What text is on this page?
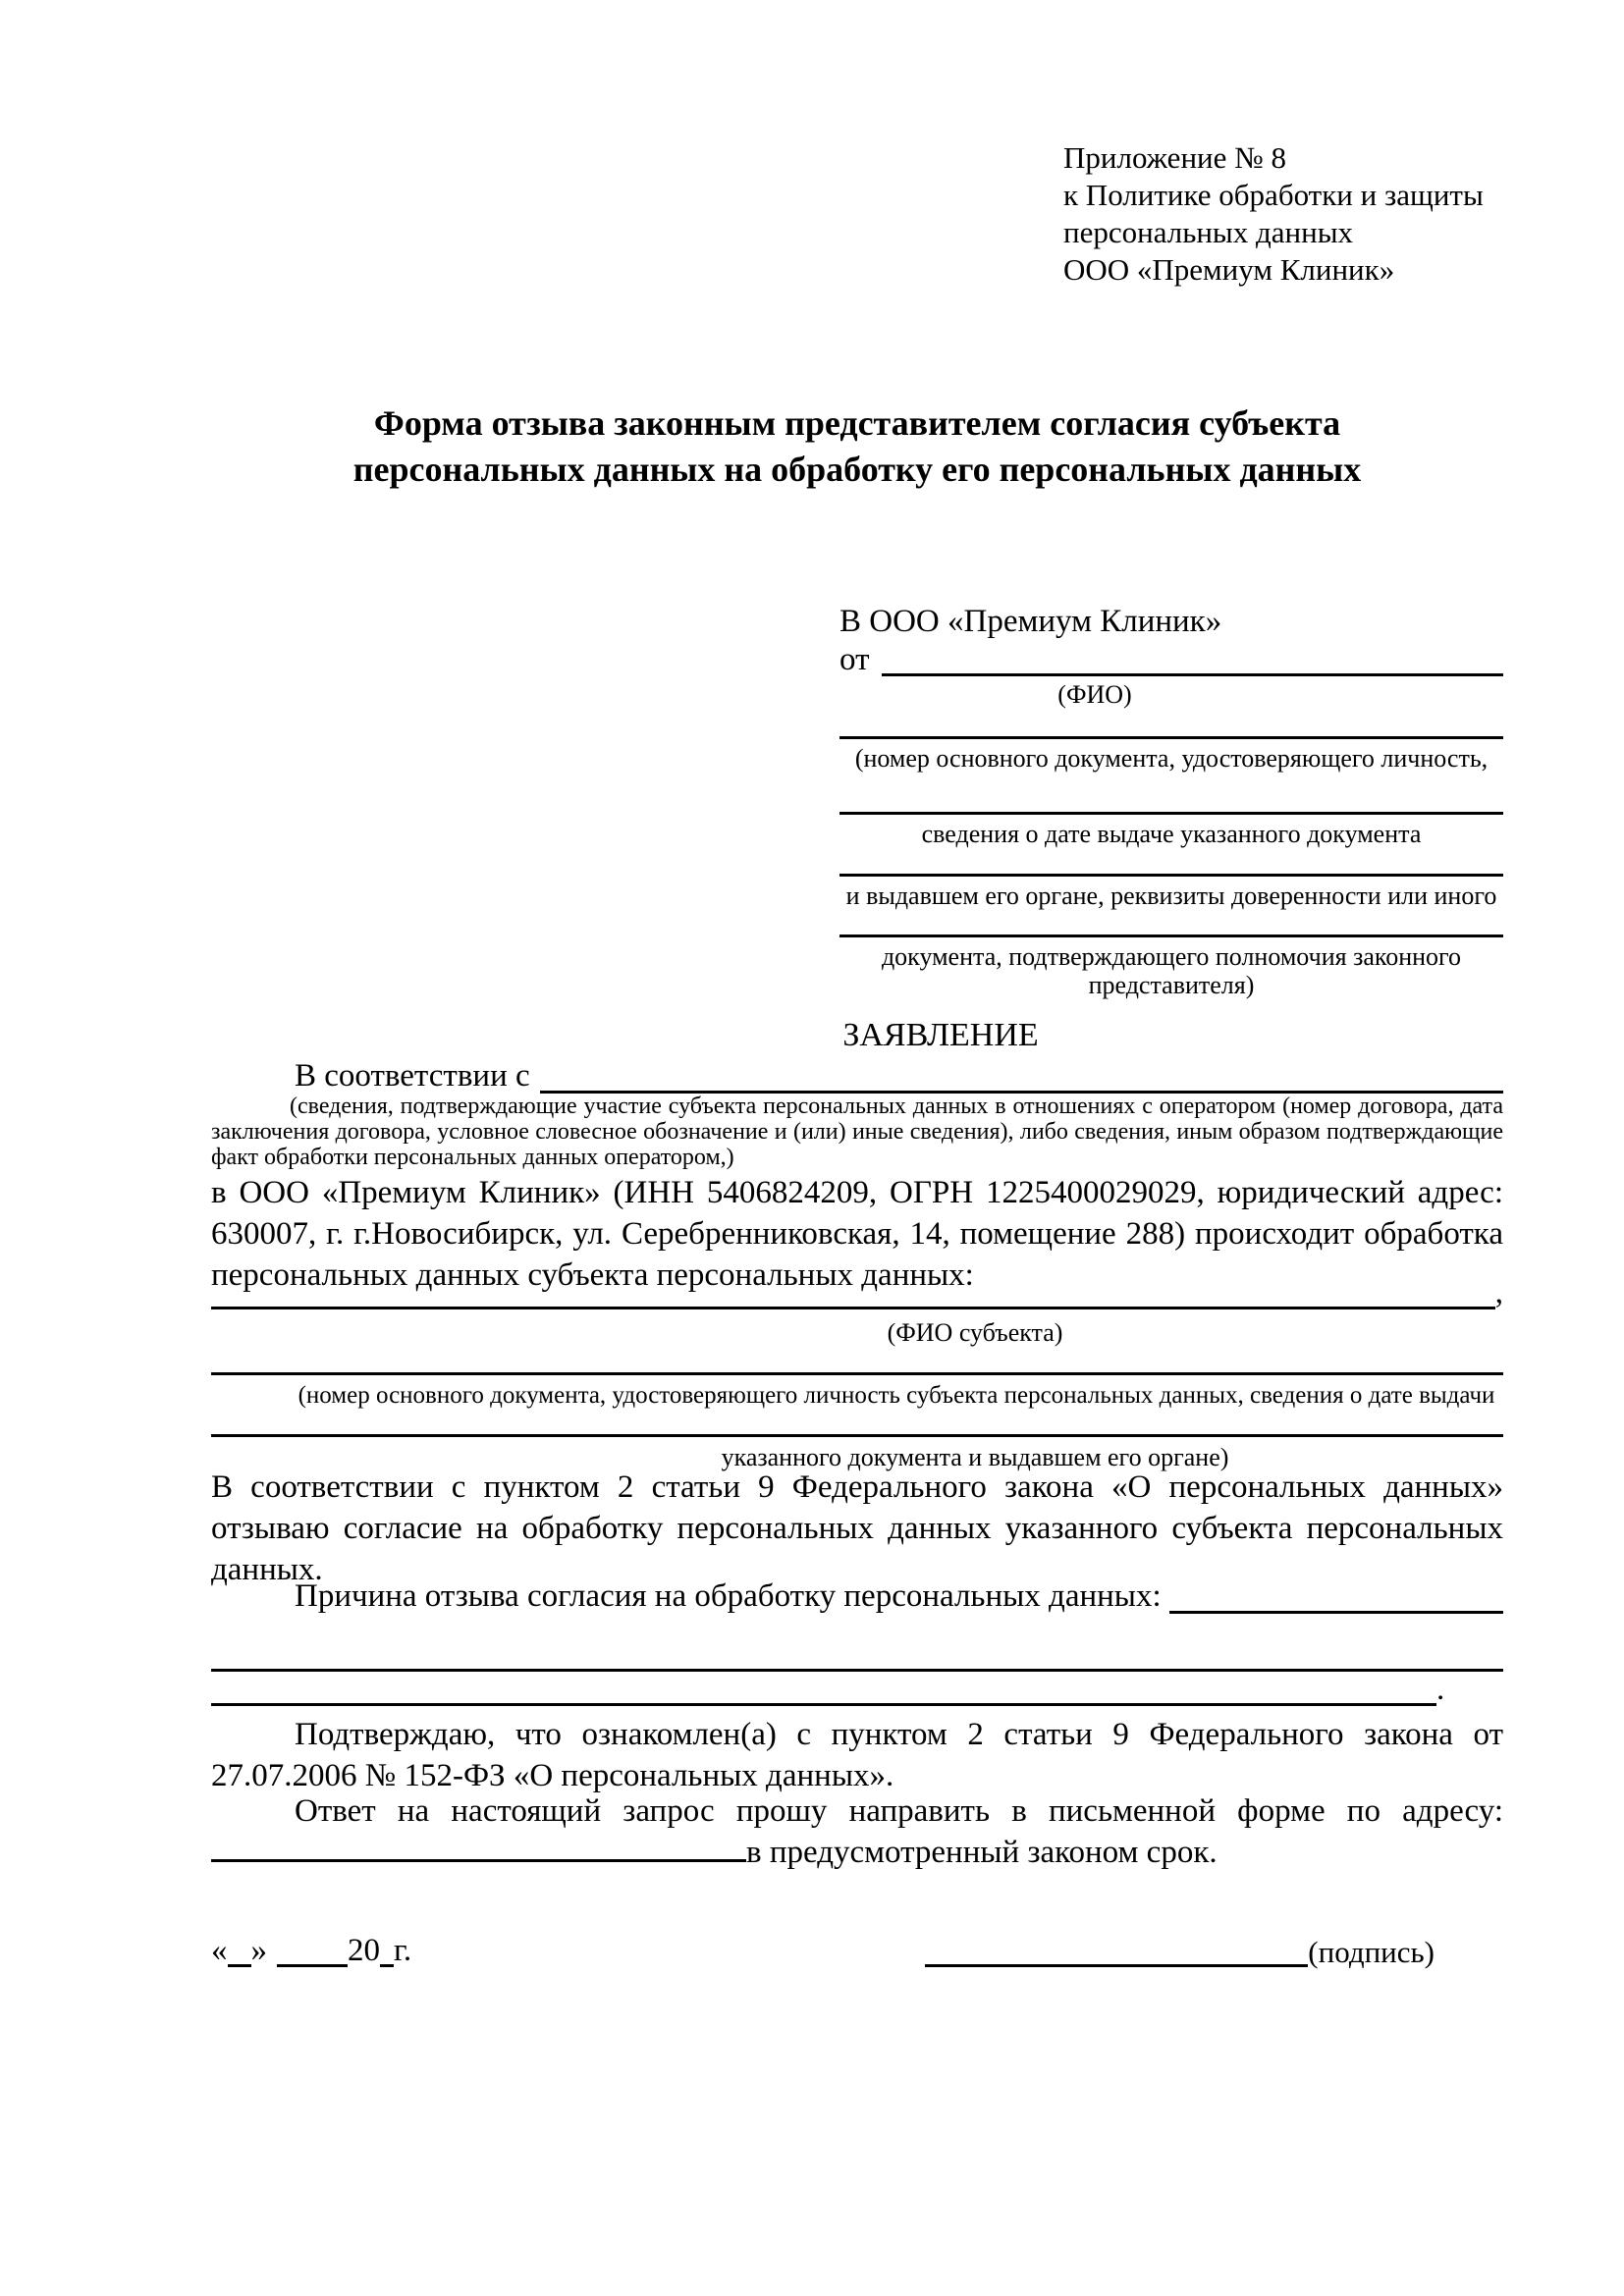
Приложение № 8
к Политике обработки и защиты
персональных данных
ООО «Премиум Клиник»
Форма отзыва законным представителем согласия субъекта
персональных данных на обработку его персональных данных
В ООО «Премиум Клиник»
от
(ФИО)
(номер основного документа, удостоверяющего личность,
сведения о дате выдаче указанного документа
и выдавшем его органе, реквизиты доверенности или иного
документа, подтверждающего полномочия законного представителя)
ЗАЯВЛЕНИЕ
В соответствии с
(сведения, подтверждающие участие субъекта персональных данных в отношениях с оператором (номер договора, дата заключения договора, условное словесное обозначение и (или) иные сведения), либо сведения, иным образом подтверждающие факт обработки персональных данных оператором,)
в ООО «Премиум Клиник» (ИНН 5406824209, ОГРН 1225400029029, юридический адрес: 630007, г. г.Новосибирск, ул. Серебренниковская, 14, помещение 288) происходит обработка персональных данных субъекта персональных данных:	,
(ФИО субъекта)
(номер основного документа, удостоверяющего личность субъекта персональных данных, сведения о дате выдачи
указанного документа и выдавшем его органе)
В соответствии с пунктом 2 статьи 9 Федерального закона «О персональных данных» отзываю согласие на обработку персональных данных указанного субъекта персональных данных.
Причина отзыва согласия на обработку персональных данных:
.
Подтверждаю, что ознакомлен(а) с пунктом 2 статьи 9 Федерального закона от 27.07.2006 № 152-ФЗ «О персональных данных».
Ответ на настоящий запрос прошу направить в письменной форме по адресу: в предусмотренный законом срок.
« » 20 г.	(подпись)
